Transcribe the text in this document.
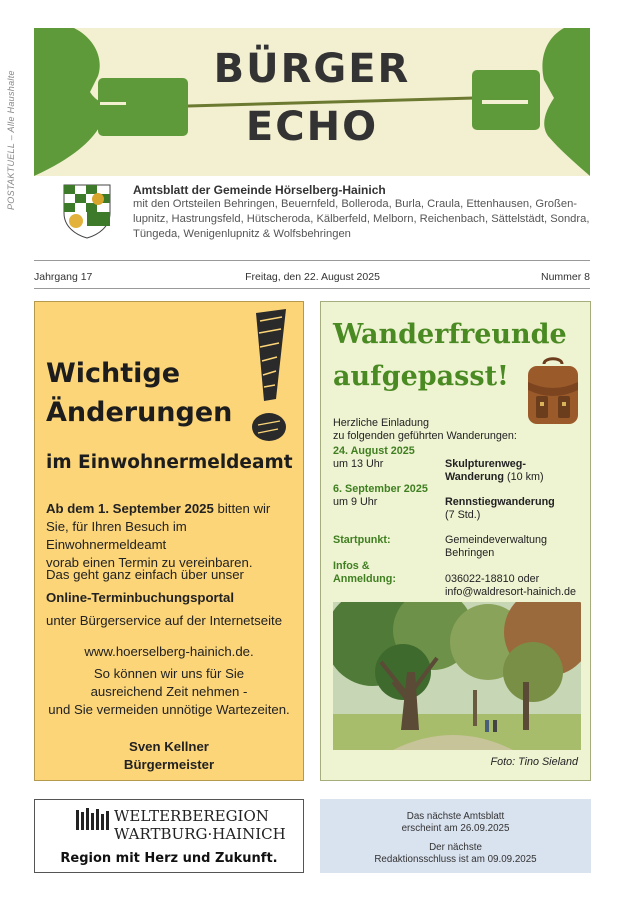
POSTAKTUELL – Alle Haushalte
BÜRGER
ECHO
Amtsblatt der Gemeinde Hörselberg-Hainich
mit den Ortsteilen Behringen, Beuernfeld, Bolleroda, Burla, Craula, Ettenhausen, Großen-
lupnitz, Hastrungsfeld, Hütscheroda, Kälberfeld, Melborn, Reichenbach, Sättelstädt, Sondra,
Tüngeda, Wenigenlupnitz & Wolfsbehringen
Jahrgang 17	Freitag, den 22. August 2025	Nummer 8
Wichtige
Änderungen
im Einwohnermeldeamt
Ab dem 1. September 2025 bitten wir
Sie, für Ihren Besuch im Einwohnermeldeamt
vorab einen Termin zu vereinbaren.
Das geht ganz einfach über unser
Online-Terminbuchungsportal
unter Bürgerservice auf der Internetseite
www.hoerselberg-hainich.de.
So können wir uns für Sie
ausreichend Zeit nehmen -
und Sie vermeiden unnötige Wartezeiten.
Sven Kellner
Bürgermeister
Wanderfreunde
aufgepasst!
Herzliche Einladung
zu folgenden geführten Wanderungen:
24. August 2025
um 13 Uhr	Skulpturenweg-
Wanderung (10 km)
6. September 2025
um 9 Uhr	Rennstiegwanderung
(7 Std.)
Startpunkt:	Gemeindeverwaltung
Behringen
Infos &
Anmeldung:	036022-18810 oder
info@waldresort-hainich.de
Foto: Tino Sieland
WELTERBEREGION
WARTBURG·HAINICH
Region mit Herz und Zukunft.
Das nächste Amtsblatt
erscheint am 26.09.2025
Der nächste
Redaktionsschluss ist am 09.09.2025
